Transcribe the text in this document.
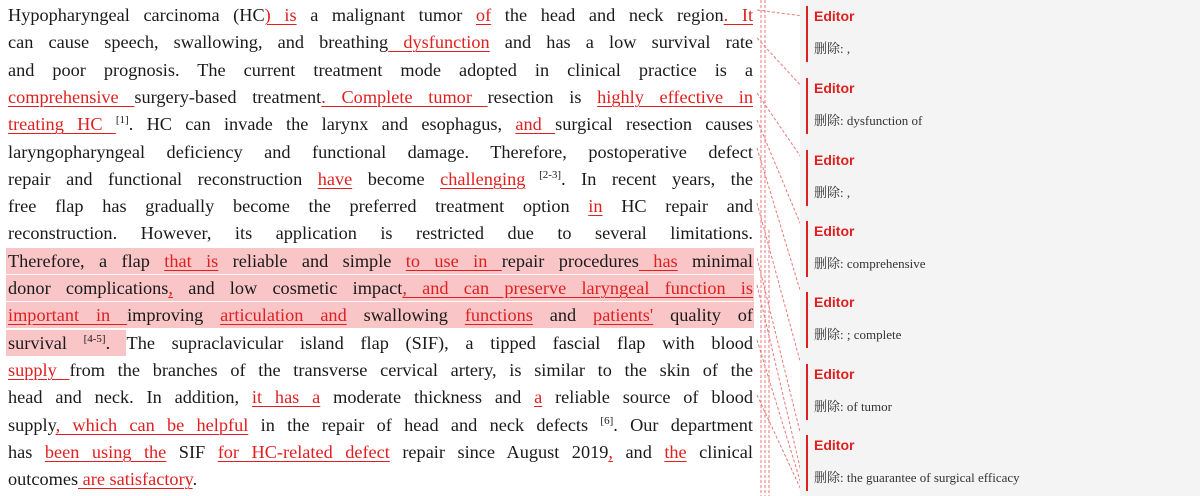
Hypopharyngeal carcinoma (HC) is a malignant tumor of the head and neck region. It
can cause speech, swallowing, and breathing dysfunction and has a low survival rate
and poor prognosis. The current treatment mode adopted in clinical practice is a
comprehensive surgery-based treatment. Complete tumor resection is highly effective in
treating HC [1]. HC can invade the larynx and esophagus, and surgical resection causes
laryngopharyngeal deficiency and functional damage. Therefore, postoperative defect
repair and functional reconstruction have become challenging [2-3]. In recent years, the
free flap has gradually become the preferred treatment option in HC repair and
reconstruction. However, its application is restricted due to several limitations.
Therefore, a flap that is reliable and simple to use in repair procedures has minimal
donor complications, and low cosmetic impact, and can preserve laryngeal function is
important in improving articulation and swallowing functions and patients' quality of
survival [4-5]. The supraclavicular island flap (SIF), a tipped fascial flap with blood
supply from the branches of the transverse cervical artery, is similar to the skin of the
head and neck. In addition, it has a moderate thickness and a reliable source of blood
supply, which can be helpful in the repair of head and neck defects [6]. Our department
has been using the SIF for HC-related defect repair since August 2019, and the clinical
outcomes are satisfactory.
Editor
删除: ,
Editor
删除: dysfunction of
Editor
删除: ,
Editor
删除: comprehensive
Editor
删除: ; complete
Editor
删除: of tumor
Editor
删除: the guarantee of surgical efficacy
